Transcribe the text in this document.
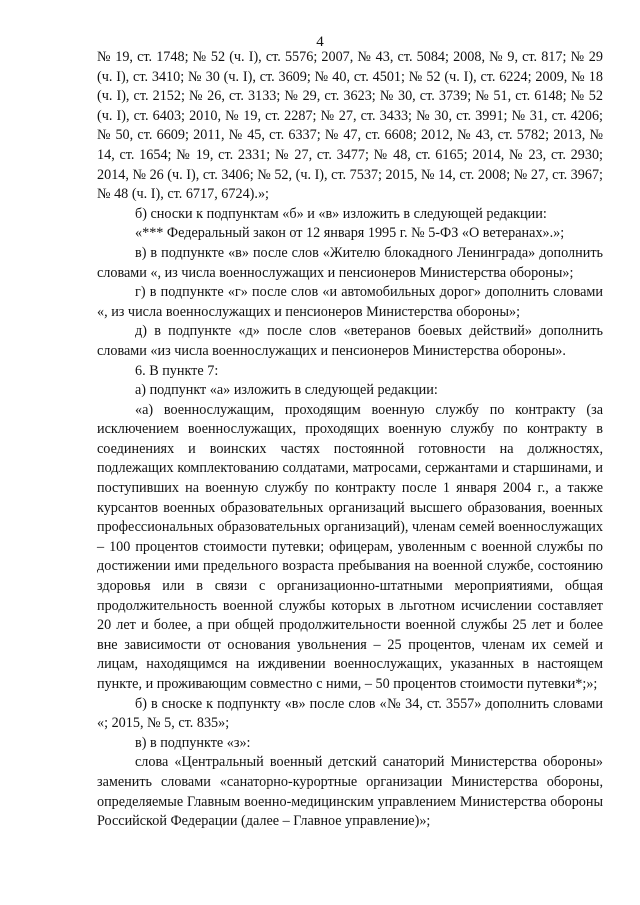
4

№ 19, ст. 1748; № 52 (ч. I), ст. 5576; 2007, № 43, ст. 5084; 2008, № 9, ст. 817; № 29 (ч. I), ст. 3410; № 30 (ч. I), ст. 3609; № 40, ст. 4501; № 52 (ч. I), ст. 6224; 2009, № 18 (ч. I), ст. 2152; № 26, ст. 3133; № 29, ст. 3623; № 30, ст. 3739; № 51, ст. 6148; № 52 (ч. I), ст. 6403; 2010, № 19, ст. 2287; № 27, ст. 3433; № 30, ст. 3991; № 31, ст. 4206; № 50, ст. 6609; 2011, № 45, ст. 6337; № 47, ст. 6608; 2012, № 43, ст. 5782; 2013, № 14, ст. 1654; № 19, ст. 2331; № 27, ст. 3477; № 48, ст. 6165; 2014, № 23, ст. 2930; 2014, № 26 (ч. I), ст. 3406; № 52, (ч. I), ст. 7537; 2015, № 14, ст. 2008; № 27, ст. 3967; № 48 (ч. I), ст. 6717, 6724).»;

б) сноски к подпунктам «б» и «в» изложить в следующей редакции:

«*** Федеральный закон от 12 января 1995 г. № 5-ФЗ «О ветеранах».»;

в) в подпункте «в» после слов «Жителю блокадного Ленинграда» дополнить словами «, из числа военнослужащих и пенсионеров Министерства обороны»;

г) в подпункте «г» после слов «и автомобильных дорог» дополнить словами «, из числа военнослужащих и пенсионеров Министерства обороны»;

д) в подпункте «д» после слов «ветеранов боевых действий» дополнить словами «из числа военнослужащих и пенсионеров Министерства обороны».

6. В пункте 7:

а) подпункт «а» изложить в следующей редакции:

«а) военнослужащим, проходящим военную службу по контракту (за исключением военнослужащих, проходящих военную службу по контракту в соединениях и воинских частях постоянной готовности на должностях, подлежащих комплектованию солдатами, матросами, сержантами и старшинами, и поступивших на военную службу по контракту после 1 января 2004 г., а также курсантов военных образовательных организаций высшего образования, военных профессиональных образовательных организаций), членам семей военнослужащих – 100 процентов стоимости путевки; офицерам, уволенным с военной службы по достижении ими предельного возраста пребывания на военной службе, состоянию здоровья или в связи с организационно-штатными мероприятиями, общая продолжительность военной службы которых в льготном исчислении составляет 20 лет и более, а при общей продолжительности военной службы 25 лет и более вне зависимости от основания увольнения – 25 процентов, членам их семей и лицам, находящимся на иждивении военнослужащих, указанных в настоящем пункте, и проживающим совместно с ними, – 50 процентов стоимости путевки*;»;

б) в сноске к подпункту «в» после слов «№ 34, ст. 3557» дополнить словами «; 2015, № 5, ст. 835»;

в) в подпункте «з»:

слова «Центральный военный детский санаторий Министерства обороны» заменить словами «санаторно-курортные организации Министерства обороны, определяемые Главным военно-медицинским управлением Министерства обороны Российской Федерации (далее – Главное управление)»;
